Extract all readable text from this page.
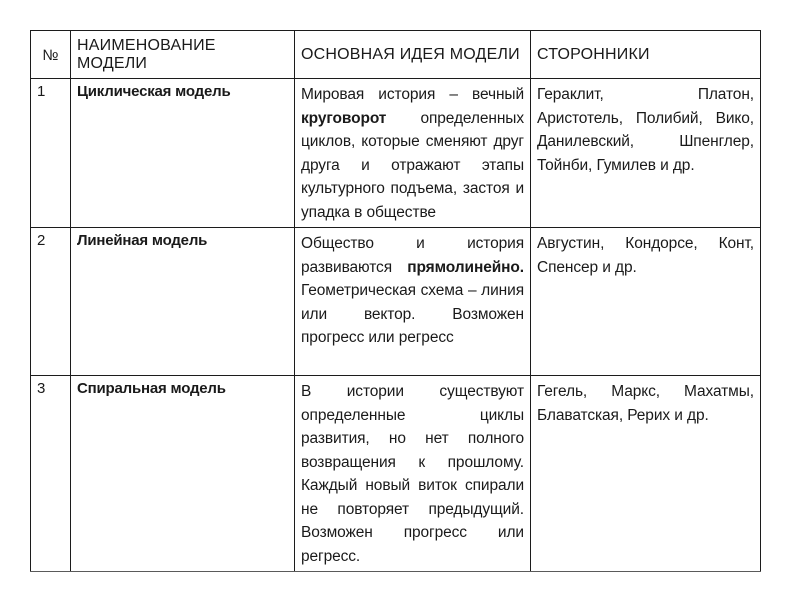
№	НАИМЕНОВАНИЕ МОДЕЛИ	ОСНОВНАЯ ИДЕЯ МОДЕЛИ	СТОРОННИКИ
1	Циклическая модель	Мировая история – вечный круговорот определенных циклов, которые сменяют друг друга и отражают этапы культурного подъема, застоя и упадка в обществе	Гераклит, Платон, Аристотель, Полибий, Вико, Данилевский, Шпенглер, Тойнби, Гумилев и др.
2	Линейная модель	Общество и история развиваются прямолинейно. Геометрическая схема – линия или вектор. Возможен прогресс или регресс	Августин, Кондорсе, Конт, Спенсер и др.
3	Спиральная модель	В истории существуют определенные циклы развития, но нет полного возвращения к прошлому. Каждый новый виток спирали не повторяет предыдущий. Возможен прогресс или регресс.	Гегель, Маркс, Махатмы, Блаватская, Рерих и др.
